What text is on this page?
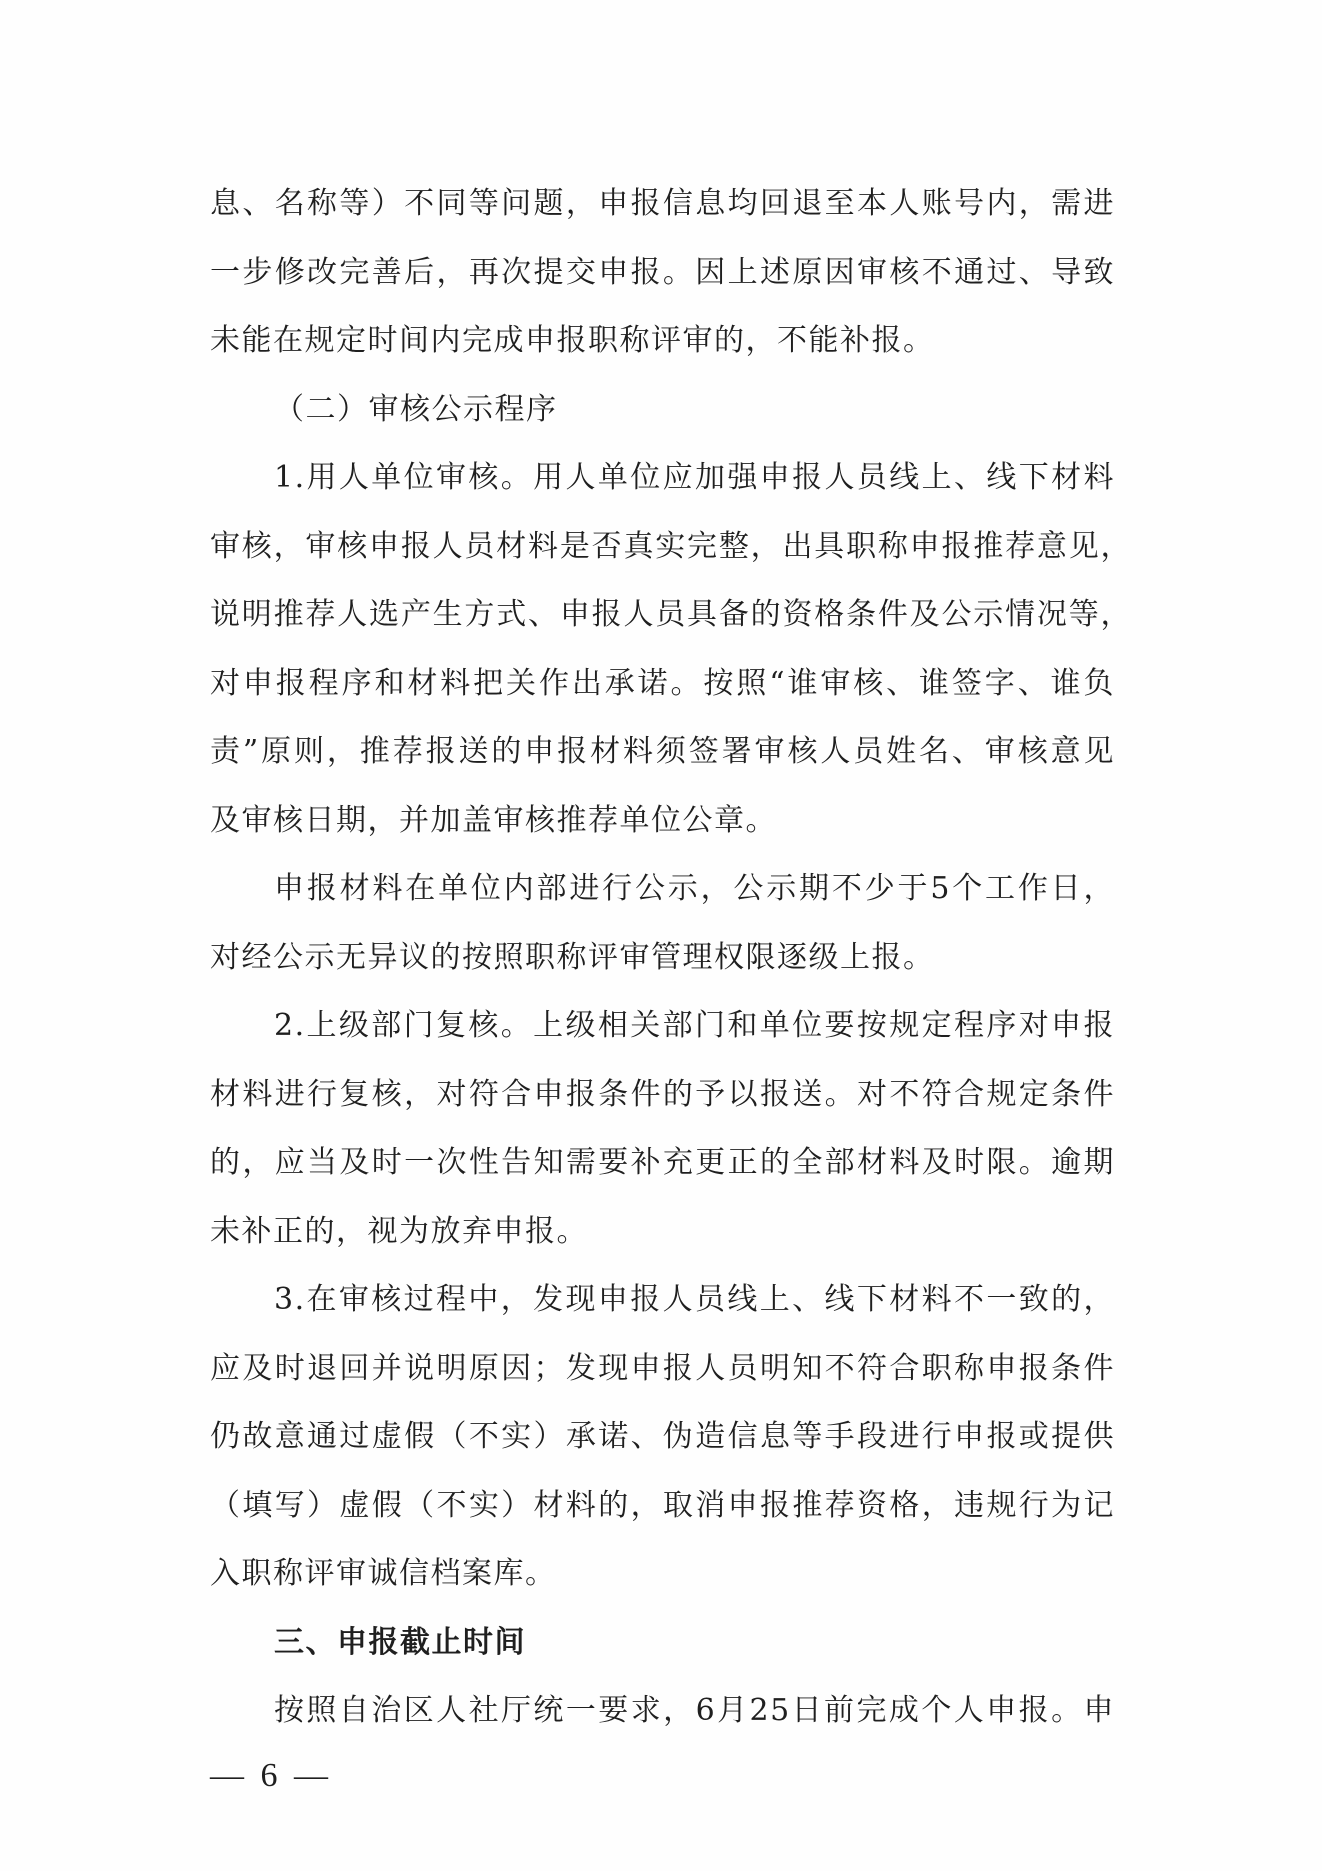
息、名称等）不同等问题，申报信息均回退至本人账号内，需进
一步修改完善后，再次提交申报。因上述原因审核不通过、导致
未能在规定时间内完成申报职称评审的，不能补报。
（二）审核公示程序
1.用人单位审核。用人单位应加强申报人员线上、线下材料
审核，审核申报人员材料是否真实完整，出具职称申报推荐意见，
说明推荐人选产生方式、申报人员具备的资格条件及公示情况等，
对申报程序和材料把关作出承诺。按照“谁审核、谁签字、谁负
责”原则，推荐报送的申报材料须签署审核人员姓名、审核意见
及审核日期，并加盖审核推荐单位公章。
申报材料在单位内部进行公示，公示期不少于5个工作日，
对经公示无异议的按照职称评审管理权限逐级上报。
2.上级部门复核。上级相关部门和单位要按规定程序对申报
材料进行复核，对符合申报条件的予以报送。对不符合规定条件
的，应当及时一次性告知需要补充更正的全部材料及时限。逾期
未补正的，视为放弃申报。
3.在审核过程中，发现申报人员线上、线下材料不一致的，
应及时退回并说明原因；发现申报人员明知不符合职称申报条件
仍故意通过虚假（不实）承诺、伪造信息等手段进行申报或提供
（填写）虚假（不实）材料的，取消申报推荐资格，违规行为记
入职称评审诚信档案库。
三、申报截止时间
按照自治区人社厅统一要求，6月25日前完成个人申报。申
— 6 —
